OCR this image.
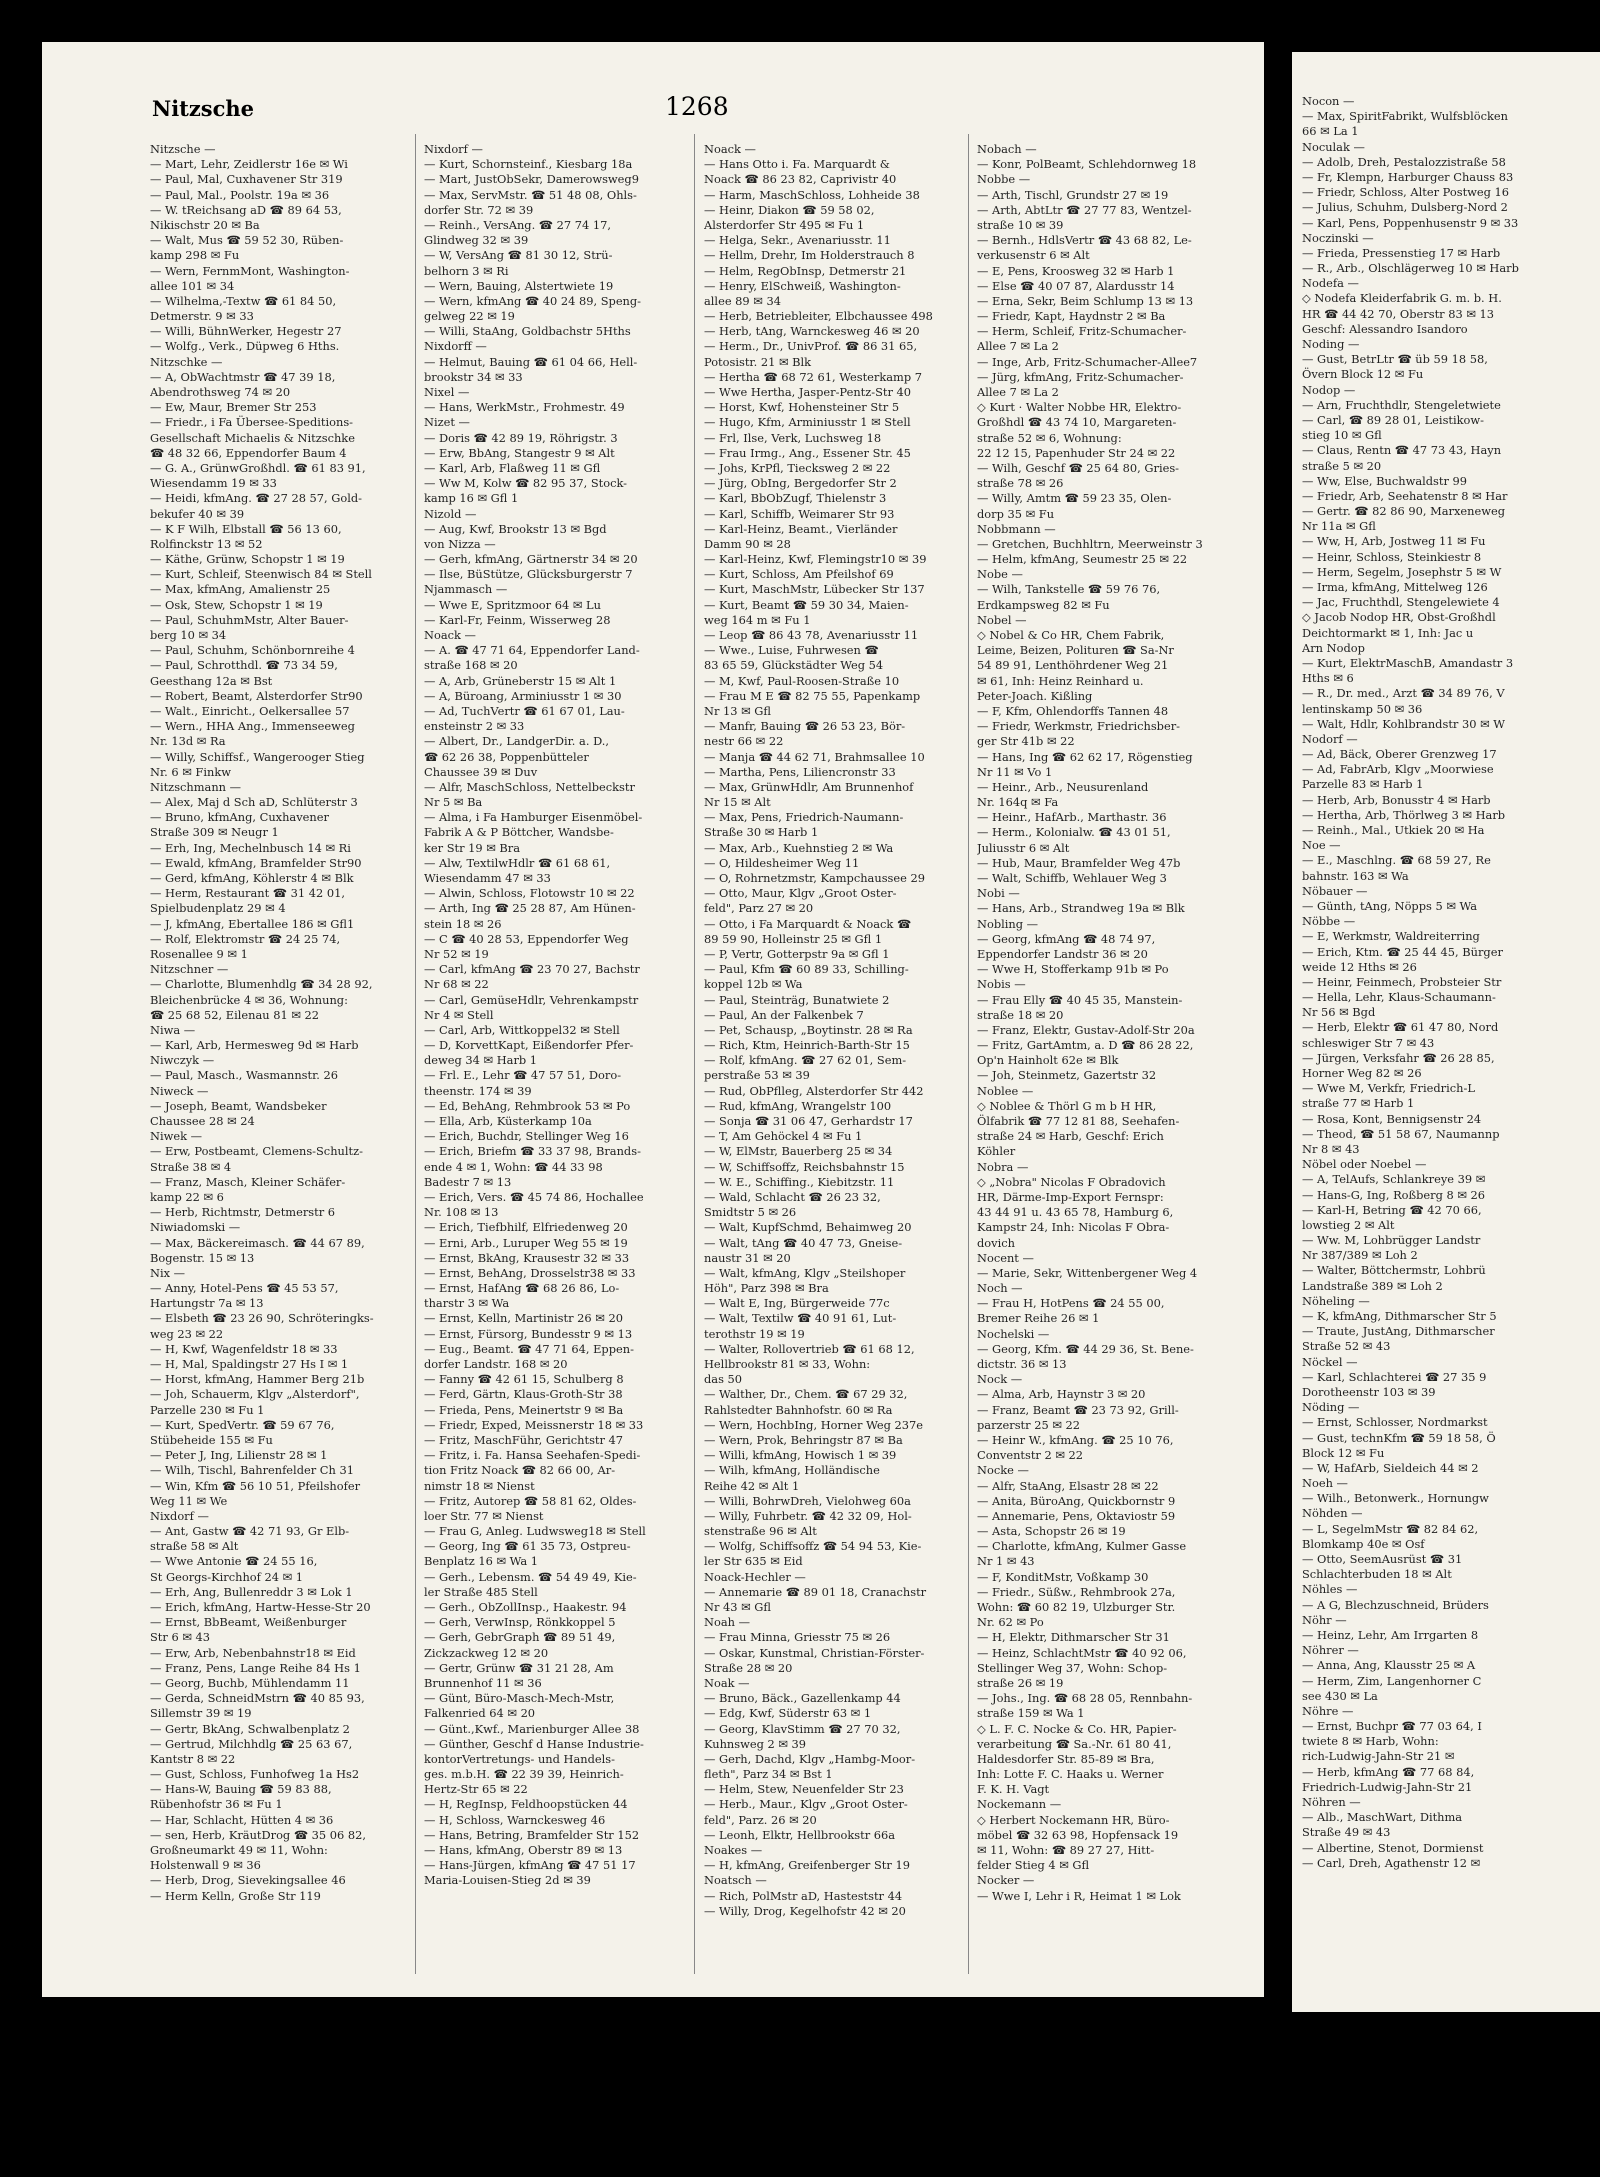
Nitzsche	1268
Nitzsche —
— Mart, Lehr, Zeidlerstr 16e ✉ Wi
— Paul, Mal, Cuxhavener Str 319
— Paul, Mal., Poolstr. 19a ✉ 36
— W. tReichsang aD ☎ 89 64 53,
Nikischstr 20 ✉ Ba
— Walt, Mus ☎ 59 52 30, Rüben-
kamp 298 ✉ Fu
— Wern, FernmMont, Washington-
allee 101 ✉ 34
— Wilhelma,-Textw ☎ 61 84 50,
Detmerstr. 9 ✉ 33
— Willi, BühnWerker, Hegestr 27
— Wolfg., Verk., Düpweg 6 Hths.
Nitzschke —
— A, ObWachtmstr ☎ 47 39 18,
Abendrothsweg 74 ✉ 20
— Ew, Maur, Bremer Str 253
— Friedr., i Fa Übersee-Speditions-
Gesellschaft Michaelis & Nitzschke
☎ 48 32 66, Eppendorfer Baum 4
— G. A., GrünwGroßhdl. ☎ 61 83 91,
Wiesendamm 19 ✉ 33
— Heidi, kfmAng. ☎ 27 28 57, Gold-
bekufer 40 ✉ 39
— K F Wilh, Elbstall ☎ 56 13 60,
Rolfinckstr 13 ✉ 52
— Käthe, Grünw, Schopstr 1 ✉ 19
— Kurt, Schleif, Steenwisch 84 ✉ Stell
— Max, kfmAng, Amalienstr 25
— Osk, Stew, Schopstr 1 ✉ 19
— Paul, SchuhmMstr, Alter Bauer-
berg 10 ✉ 34
— Paul, Schuhm, Schönbornreihe 4
— Paul, Schrotthdl. ☎ 73 34 59,
Geesthang 12a ✉ Bst
— Robert, Beamt, Alsterdorfer Str90
— Walt., Einricht., Oelkersallee 57
— Wern., HHA Ang., Immenseeweg
Nr. 13d ✉ Ra
— Willy, Schiffsf., Wangerooger Stieg
Nr. 6 ✉ Finkw
Nitzschmann —
— Alex, Maj d Sch aD, Schlüterstr 3
— Bruno, kfmAng, Cuxhavener
Straße 309 ✉ Neugr 1
— Erh, Ing, Mechelnbusch 14 ✉ Ri
— Ewald, kfmAng, Bramfelder Str90
— Gerd, kfmAng, Köhlerstr 4 ✉ Blk
— Herm, Restaurant ☎ 31 42 01,
Spielbudenplatz 29 ✉ 4
— J, kfmAng, Ebertallee 186 ✉ Gfl1
— Rolf, Elektromstr ☎ 24 25 74,
Rosenallee 9 ✉ 1
Nitzschner —
— Charlotte, Blumenhdlg ☎ 34 28 92,
Bleichenbrücke 4 ✉ 36, Wohnung:
☎ 25 68 52, Eilenau 81 ✉ 22
Niwa —
— Karl, Arb, Hermesweg 9d ✉ Harb
Niwczyk —
— Paul, Masch., Wasmannstr. 26
Niweck —
— Joseph, Beamt, Wandsbeker
Chaussee 28 ✉ 24
Niwek —
— Erw, Postbeamt, Clemens-Schultz-
Straße 38 ✉ 4
— Franz, Masch, Kleiner Schäfer-
kamp 22 ✉ 6
— Herb, Richtmstr, Detmerstr 6
Niwiadomski —
— Max, Bäckereimasch. ☎ 44 67 89,
Bogenstr. 15 ✉ 13
Nix —
— Anny, Hotel-Pens ☎ 45 53 57,
Hartungstr 7a ✉ 13
— Elsbeth ☎ 23 26 90, Schröteringks-
weg 23 ✉ 22
— H, Kwf, Wagenfeldstr 18 ✉ 33
— H, Mal, Spaldingstr 27 Hs I ✉ 1
— Horst, kfmAng, Hammer Berg 21b
— Joh, Schauerm, Klgv „Alsterdorf",
Parzelle 230 ✉ Fu 1
— Kurt, SpedVertr. ☎ 59 67 76,
Stübeheide 155 ✉ Fu
— Peter J, Ing, Lilienstr 28 ✉ 1
— Wilh, Tischl, Bahrenfelder Ch 31
— Win, Kfm ☎ 56 10 51, Pfeilshofer
Weg 11 ✉ We
Nixdorf —
— Ant, Gastw ☎ 42 71 93, Gr Elb-
straße 58 ✉ Alt
— Wwe Antonie ☎ 24 55 16,
St Georgs-Kirchhof 24 ✉ 1
— Erh, Ang, Bullenreddr 3 ✉ Lok 1
— Erich, kfmAng, Hartw-Hesse-Str 20
— Ernst, BbBeamt, Weißenburger
Str 6 ✉ 43
— Erw, Arb, Nebenbahnstr18 ✉ Eid
— Franz, Pens, Lange Reihe 84 Hs 1
— Georg, Buchb, Mühlendamm 11
— Gerda, SchneidMstrn ☎ 40 85 93,
Sillemstr 39 ✉ 19
— Gertr, BkAng, Schwalbenplatz 2
— Gertrud, Milchhdlg ☎ 25 63 67,
Kantstr 8 ✉ 22
— Gust, Schloss, Funhofweg 1a Hs2
— Hans-W, Bauing ☎ 59 83 88,
Rübenhofstr 36 ✉ Fu 1
— Har, Schlacht, Hütten 4 ✉ 36
— sen, Herb, KräutDrog ☎ 35 06 82,
Großneumarkt 49 ✉ 11, Wohn:
Holstenwall 9 ✉ 36
— Herb, Drog, Sievekingsallee 46
— Herm Kelln, Große Str 119
Nixdorf —
— Kurt, Schornsteinf., Kiesbarg 18a
— Mart, JustObSekr, Damerowsweg9
— Max, ServMstr. ☎ 51 48 08, Ohls-
dorfer Str. 72 ✉ 39
— Reinh., VersAng. ☎ 27 74 17,
Glindweg 32 ✉ 39
— W, VersAng ☎ 81 30 12, Strü-
belhorn 3 ✉ Ri
— Wern, Bauing, Alstertwiete 19
— Wern, kfmAng ☎ 40 24 89, Speng-
gelweg 22 ✉ 19
— Willi, StaAng, Goldbachstr 5Hths
Nixdorff —
— Helmut, Bauing ☎ 61 04 66, Hell-
brookstr 34 ✉ 33
Nixel —
— Hans, WerkMstr., Frohmestr. 49
Nizet —
— Doris ☎ 42 89 19, Röhrigstr. 3
— Erw, BbAng, Stangestr 9 ✉ Alt
— Karl, Arb, Flaßweg 11 ✉ Gfl
— Ww M, Kolw ☎ 82 95 37, Stock-
kamp 16 ✉ Gfl 1
Nizold —
— Aug, Kwf, Brookstr 13 ✉ Bgd
von Nizza —
— Gerh, kfmAng, Gärtnerstr 34 ✉ 20
— Ilse, BüStütze, Glücksburgerstr 7
Njammasch —
— Wwe E, Spritzmoor 64 ✉ Lu
— Karl-Fr, Feinm, Wisserweg 28
Noack —
— A. ☎ 47 71 64, Eppendorfer Land-
straße 168 ✉ 20
— A, Arb, Grüneberstr 15 ✉ Alt 1
— A, Büroang, Arminiusstr 1 ✉ 30
— Ad, TuchVertr ☎ 61 67 01, Lau-
ensteinstr 2 ✉ 33
— Albert, Dr., LandgerDir. a. D.,
☎ 62 26 38, Poppenbütteler
Chaussee 39 ✉ Duv
— Alfr, MaschSchloss, Nettelbeckstr
Nr 5 ✉ Ba
— Alma, i Fa Hamburger Eisenmöbel-
Fabrik A & P Böttcher, Wandsbe-
ker Str 19 ✉ Bra
— Alw, TextilwHdlr ☎ 61 68 61,
Wiesendamm 47 ✉ 33
— Alwin, Schloss, Flotowstr 10 ✉ 22
— Arth, Ing ☎ 25 28 87, Am Hünen-
stein 18 ✉ 26
— C ☎ 40 28 53, Eppendorfer Weg
Nr 52 ✉ 19
— Carl, kfmAng ☎ 23 70 27, Bachstr
Nr 68 ✉ 22
— Carl, GemüseHdlr, Vehrenkampstr
Nr 4 ✉ Stell
— Carl, Arb, Wittkoppel32 ✉ Stell
— D, KorvettKapt, Eißendorfer Pfer-
deweg 34 ✉ Harb 1
— Frl. E., Lehr ☎ 47 57 51, Doro-
theenstr. 174 ✉ 39
— Ed, BehAng, Rehmbrook 53 ✉ Po
— Ella, Arb, Küsterkamp 10a
— Erich, Buchdr, Stellinger Weg 16
— Erich, Briefm ☎ 33 37 98, Brands-
ende 4 ✉ 1, Wohn: ☎ 44 33 98
Badestr 7 ✉ 13
— Erich, Vers. ☎ 45 74 86, Hochallee
Nr. 108 ✉ 13
— Erich, Tiefbhilf, Elfriedenweg 20
— Erni, Arb., Luruper Weg 55 ✉ 19
— Ernst, BkAng, Krausestr 32 ✉ 33
— Ernst, BehAng, Drosselstr38 ✉ 33
— Ernst, HafAng ☎ 68 26 86, Lo-
tharstr 3 ✉ Wa
— Ernst, Kelln, Martinistr 26 ✉ 20
— Ernst, Fürsorg, Bundesstr 9 ✉ 13
— Eug., Beamt. ☎ 47 71 64, Eppen-
dorfer Landstr. 168 ✉ 20
— Fanny ☎ 42 61 15, Schulberg 8
— Ferd, Gärtn, Klaus-Groth-Str 38
— Frieda, Pens, Meinertstr 9 ✉ Ba
— Friedr, Exped, Meissnerstr 18 ✉ 33
— Fritz, MaschFühr, Gerichtstr 47
— Fritz, i. Fa. Hansa Seehafen-Spedi-
tion Fritz Noack ☎ 82 66 00, Ar-
nimstr 18 ✉ Nienst
— Fritz, Autorep ☎ 58 81 62, Oldes-
loer Str. 77 ✉ Nienst
— Frau G, Anleg. Ludwsweg18 ✉ Stell
— Georg, Ing ☎ 61 35 73, Ostpreu-
Benplatz 16 ✉ Wa 1
— Gerh., Lebensm. ☎ 54 49 49, Kie-
ler Straße 485 Stell
— Gerh., ObZollInsp., Haakestr. 94
— Gerh, VerwInsp, Rönkkoppel 5
— Gerh, GebrGraph ☎ 89 51 49,
Zickzackweg 12 ✉ 20
— Gertr, Grünw ☎ 31 21 28, Am
Brunnenhof 11 ✉ 36
— Günt, Büro-Masch-Mech-Mstr,
Falkenried 64 ✉ 20
— Günt.,Kwf., Marienburger Allee 38
— Günther, Geschf d Hanse Industrie-
kontorVertretungs- und Handels-
ges. m.b.H. ☎ 22 39 39, Heinrich-
Hertz-Str 65 ✉ 22
— H, RegInsp, Feldhoopstücken 44
— H, Schloss, Warnckesweg 46
— Hans, Betring, Bramfelder Str 152
— Hans, kfmAng, Oberstr 89 ✉ 13
— Hans-Jürgen, kfmAng ☎ 47 51 17
Maria-Louisen-Stieg 2d ✉ 39
Noack —
— Hans Otto i. Fa. Marquardt &
Noack ☎ 86 23 82, Caprivistr 40
— Harm, MaschSchloss, Lohheide 38
— Heinr, Diakon ☎ 59 58 02,
Alsterdorfer Str 495 ✉ Fu 1
— Helga, Sekr., Avenariusstr. 11
— Hellm, Drehr, Im Holderstrauch 8
— Helm, RegObInsp, Detmerstr 21
— Henry, ElSchweiß, Washington-
allee 89 ✉ 34
— Herb, Betriebleiter, Elbchaussee 498
— Herb, tAng, Warnckesweg 46 ✉ 20
— Herm., Dr., UnivProf. ☎ 86 31 65,
Potosistr. 21 ✉ Blk
— Hertha ☎ 68 72 61, Westerkamp 7
— Wwe Hertha, Jasper-Pentz-Str 40
— Horst, Kwf, Hohensteiner Str 5
— Hugo, Kfm, Arminiusstr 1 ✉ Stell
— Frl, Ilse, Verk, Luchsweg 18
— Frau Irmg., Ang., Essener Str. 45
— Johs, KrPfl, Tiecksweg 2 ✉ 22
— Jürg, ObIng, Bergedorfer Str 2
— Karl, BbObZugf, Thielenstr 3
— Karl, Schiffb, Weimarer Str 93
— Karl-Heinz, Beamt., Vierländer
Damm 90 ✉ 28
— Karl-Heinz, Kwf, Flemingstr10 ✉ 39
— Kurt, Schloss, Am Pfeilshof 69
— Kurt, MaschMstr, Lübecker Str 137
— Kurt, Beamt ☎ 59 30 34, Maien-
weg 164 m ✉ Fu 1
— Leop ☎ 86 43 78, Avenariusstr 11
— Wwe., Luise, Fuhrwesen ☎
83 65 59, Glückstädter Weg 54
— M, Kwf, Paul-Roosen-Straße 10
— Frau M E ☎ 82 75 55, Papenkamp
Nr 13 ✉ Gfl
— Manfr, Bauing ☎ 26 53 23, Bör-
nestr 66 ✉ 22
— Manja ☎ 44 62 71, Brahmsallee 10
— Martha, Pens, Liliencronstr 33
— Max, GrünwHdlr, Am Brunnenhof
Nr 15 ✉ Alt
— Max, Pens, Friedrich-Naumann-
Straße 30 ✉ Harb 1
— Max, Arb., Kuehnstieg 2 ✉ Wa
— O, Hildesheimer Weg 11
— O, Rohrnetzmstr, Kampchaussee 29
— Otto, Maur, Klgv „Groot Oster-
feld", Parz 27 ✉ 20
— Otto, i Fa Marquardt & Noack ☎
89 59 90, Holleinstr 25 ✉ Gfl 1
— P, Vertr, Gotterpstr 9a ✉ Gfl 1
— Paul, Kfm ☎ 60 89 33, Schilling-
koppel 12b ✉ Wa
— Paul, Steinträg, Bunatwiete 2
— Paul, An der Falkenbek 7
— Pet, Schausp, „Boytinstr. 28 ✉ Ra
— Rich, Ktm, Heinrich-Barth-Str 15
— Rolf, kfmAng. ☎ 27 62 01, Sem-
perstraße 53 ✉ 39
— Rud, ObPflleg, Alsterdorfer Str 442
— Rud, kfmAng, Wrangelstr 100
— Sonja ☎ 31 06 47, Gerhardstr 17
— T, Am Gehöckel 4 ✉ Fu 1
— W, ElMstr, Bauerberg 25 ✉ 34
— W, Schiffsoffz, Reichsbahnstr 15
— W. E., Schiffing., Kiebitzstr. 11
— Wald, Schlacht ☎ 26 23 32,
Smidtstr 5 ✉ 26
— Walt, KupfSchmd, Behaimweg 20
— Walt, tAng ☎ 40 47 73, Gneise-
naustr 31 ✉ 20
— Walt, kfmAng, Klgv „Steilshoper
Höh", Parz 398 ✉ Bra
— Walt E, Ing, Bürgerweide 77c
— Walt, Textilw ☎ 40 91 61, Lut-
terothstr 19 ✉ 19
— Walter, Rollovertrieb ☎ 61 68 12,
Hellbrookstr 81 ✉ 33, Wohn:
das 50
— Walther, Dr., Chem. ☎ 67 29 32,
Rahlstedter Bahnhofstr. 60 ✉ Ra
— Wern, HochbIng, Horner Weg 237e
— Wern, Prok, Behringstr 87 ✉ Ba
— Willi, kfmAng, Howisch 1 ✉ 39
— Wilh, kfmAng, Holländische
Reihe 42 ✉ Alt 1
— Willi, BohrwDreh, Vielohweg 60a
— Willy, Fuhrbetr. ☎ 42 32 09, Hol-
stenstraße 96 ✉ Alt
— Wolfg, Schiffsoffz ☎ 54 94 53, Kie-
ler Str 635 ✉ Eid
Noack-Hechler —
— Annemarie ☎ 89 01 18, Cranachstr
Nr 43 ✉ Gfl
Noah —
— Frau Minna, Griesstr 75 ✉ 26
— Oskar, Kunstmal, Christian-Förster-
Straße 28 ✉ 20
Noak —
— Bruno, Bäck., Gazellenkamp 44
— Edg, Kwf, Süderstr 63 ✉ 1
— Georg, KlavStimm ☎ 27 70 32,
Kuhnsweg 2 ✉ 39
— Gerh, Dachd, Klgv „Hambg-Moor-
fleth", Parz 34 ✉ Bst 1
— Helm, Stew, Neuenfelder Str 23
— Herb., Maur., Klgv „Groot Oster-
feld", Parz. 26 ✉ 20
— Leonh, Elktr, Hellbrookstr 66a
Noakes —
— H, kfmAng, Greifenberger Str 19
Noatsch —
— Rich, PolMstr aD, Hasteststr 44
— Willy, Drog, Kegelhofstr 42 ✉ 20
Nobach —
— Konr, PolBeamt, Schlehdornweg 18
Nobbe —
— Arth, Tischl, Grundstr 27 ✉ 19
— Arth, AbtLtr ☎ 27 77 83, Wentzel-
straße 10 ✉ 39
— Bernh., HdlsVertr ☎ 43 68 82, Le-
verkusenstr 6 ✉ Alt
— E, Pens, Kroosweg 32 ✉ Harb 1
— Else ☎ 40 07 87, Alardusstr 14
— Erna, Sekr, Beim Schlump 13 ✉ 13
— Friedr, Kapt, Haydnstr 2 ✉ Ba
— Herm, Schleif, Fritz-Schumacher-
Allee 7 ✉ La 2
— Inge, Arb, Fritz-Schumacher-Allee7
— Jürg, kfmAng, Fritz-Schumacher-
Allee 7 ✉ La 2
◇ Kurt · Walter Nobbe HR, Elektro-
Großhdl ☎ 43 74 10, Margareten-
straße 52 ✉ 6, Wohnung:
22 12 15, Papenhuder Str 24 ✉ 22
— Wilh, Geschf ☎ 25 64 80, Gries-
straße 78 ✉ 26
— Willy, Amtm ☎ 59 23 35, Olen-
dorp 35 ✉ Fu
Nobbmann —
— Gretchen, Buchhltrn, Meerweinstr 3
— Helm, kfmAng, Seumestr 25 ✉ 22
Nobe —
— Wilh, Tankstelle ☎ 59 76 76,
Erdkampsweg 82 ✉ Fu
Nobel —
◇ Nobel & Co HR, Chem Fabrik,
Leime, Beizen, Polituren ☎ Sa-Nr
54 89 91, Lenthöhrdener Weg 21
✉ 61, Inh: Heinz Reinhard u.
Peter-Joach. Kißling
— F, Kfm, Ohlendorffs Tannen 48
— Friedr, Werkmstr, Friedrichsber-
ger Str 41b ✉ 22
— Hans, Ing ☎ 62 62 17, Rögenstieg
Nr 11 ✉ Vo 1
— Heinr., Arb., Neusurenland
Nr. 164q ✉ Fa
— Heinr., HafArb., Marthastr. 36
— Herm., Kolonialw. ☎ 43 01 51,
Juliusstr 6 ✉ Alt
— Hub, Maur, Bramfelder Weg 47b
— Walt, Schiffb, Wehlauer Weg 3
Nobi —
— Hans, Arb., Strandweg 19a ✉ Blk
Nobling —
— Georg, kfmAng ☎ 48 74 97,
Eppendorfer Landstr 36 ✉ 20
— Wwe H, Stofferkamp 91b ✉ Po
Nobis —
— Frau Elly ☎ 40 45 35, Manstein-
straße 18 ✉ 20
— Franz, Elektr, Gustav-Adolf-Str 20a
— Fritz, GartAmtm, a. D ☎ 86 28 22,
Op'n Hainholt 62e ✉ Blk
— Joh, Steinmetz, Gazertstr 32
Noblee —
◇ Noblee & Thörl G m b H HR,
Ölfabrik ☎ 77 12 81 88, Seehafen-
straße 24 ✉ Harb, Geschf: Erich
Köhler
Nobra —
◇ „Nobra" Nicolas F Obradovich
HR, Därme-Imp-Export Fernspr:
43 44 91 u. 43 65 78, Hamburg 6,
Kampstr 24, Inh: Nicolas F Obra-
dovich
Nocent —
— Marie, Sekr, Wittenbergener Weg 4
Noch —
— Frau H, HotPens ☎ 24 55 00,
Bremer Reihe 26 ✉ 1
Nochelski —
— Georg, Kfm. ☎ 44 29 36, St. Bene-
dictstr. 36 ✉ 13
Nock —
— Alma, Arb, Haynstr 3 ✉ 20
— Franz, Beamt ☎ 23 73 92, Grill-
parzerstr 25 ✉ 22
— Heinr W., kfmAng. ☎ 25 10 76,
Conventstr 2 ✉ 22
Nocke —
— Alfr, StaAng, Elsastr 28 ✉ 22
— Anita, BüroAng, Quickbornstr 9
— Annemarie, Pens, Oktaviostr 59
— Asta, Schopstr 26 ✉ 19
— Charlotte, kfmAng, Kulmer Gasse
Nr 1 ✉ 43
— F, KonditMstr, Voßkamp 30
— Friedr., Süßw., Rehmbrook 27a,
Wohn: ☎ 60 82 19, Ulzburger Str.
Nr. 62 ✉ Po
— H, Elektr, Dithmarscher Str 31
— Heinz, SchlachtMstr ☎ 40 92 06,
Stellinger Weg 37, Wohn: Schop-
straße 26 ✉ 19
— Johs., Ing. ☎ 68 28 05, Rennbahn-
straße 159 ✉ Wa 1
◇ L. F. C. Nocke & Co. HR, Papier-
verarbeitung ☎ Sa.-Nr. 61 80 41,
Haldesdorfer Str. 85-89 ✉ Bra,
Inh: Lotte F. C. Haaks u. Werner
F. K. H. Vagt
Nockemann —
◇ Herbert Nockemann HR, Büro-
möbel ☎ 32 63 98, Hopfensack 19
✉ 11, Wohn: ☎ 89 27 27, Hitt-
felder Stieg 4 ✉ Gfl
Nocker —
— Wwe I, Lehr i R, Heimat 1 ✉ Lok
Nocon —
— Max, SpiritFabrikt, Wulfsblöcken
66 ✉ La 1
Noculak —
— Adolb, Dreh, Pestalozzistraße 58
— Fr, Klempn, Harburger Chauss 83
— Friedr, Schloss, Alter Postweg 16
— Julius, Schuhm, Dulsberg-Nord 2
— Karl, Pens, Poppenhusenstr 9 ✉ 33
Noczinski —
— Frieda, Pressenstieg 17 ✉ Harb
— R., Arb., Olschlägerweg 10 ✉ Harb
Nodefa —
◇ Nodefa Kleiderfabrik G. m. b. H.
HR ☎ 44 42 70, Oberstr 83 ✉ 13
Geschf: Alessandro Isandoro
Noding —
— Gust, BetrLtr ☎ üb 59 18 58,
Övern Block 12 ✉ Fu
Nodop —
— Arn, Fruchthdlr, Stengeletwiete
— Carl, ☎ 89 28 01, Leistikow-
stieg 10 ✉ Gfl
— Claus, Rentn ☎ 47 73 43, Hayn
straße 5 ✉ 20
— Ww, Else, Buchwaldstr 99
— Friedr, Arb, Seehatenstr 8 ✉ Har
— Gertr. ☎ 82 86 90, Marxeneweg
Nr 11a ✉ Gfl
— Ww, H, Arb, Jostweg 11 ✉ Fu
— Heinr, Schloss, Steinkiestr 8
— Herm, Segelm, Josephstr 5 ✉ W
— Irma, kfmAng, Mittelweg 126
— Jac, Fruchthdl, Stengelewiete 4
◇ Jacob Nodop HR, Obst-Großhdl
Deichtormarkt ✉ 1, Inh: Jac u
Arn Nodop
— Kurt, ElektrMaschB, Amandastr 3
Hths ✉ 6
— R., Dr. med., Arzt ☎ 34 89 76, V
lentinskamp 50 ✉ 36
— Walt, Hdlr, Kohlbrandstr 30 ✉ W
Nodorf —
— Ad, Bäck, Oberer Grenzweg 17
— Ad, FabrArb, Klgv „Moorwiese
Parzelle 83 ✉ Harb 1
— Herb, Arb, Bonusstr 4 ✉ Harb
— Hertha, Arb, Thörlweg 3 ✉ Harb
— Reinh., Mal., Utkiek 20 ✉ Ha
Noe —
— E., Maschlng. ☎ 68 59 27, Re
bahnstr. 163 ✉ Wa
Nöbauer —
— Günth, tAng, Nöpps 5 ✉ Wa
Nöbbe —
— E, Werkmstr, Waldreiterring
— Erich, Ktm. ☎ 25 44 45, Bürger
weide 12 Hths ✉ 26
— Heinr, Feinmech, Probsteier Str
— Hella, Lehr, Klaus-Schaumann-
Nr 56 ✉ Bgd
— Herb, Elektr ☎ 61 47 80, Nord
schleswiger Str 7 ✉ 43
— Jürgen, Verksfahr ☎ 26 28 85,
Horner Weg 82 ✉ 26
— Wwe M, Verkfr, Friedrich-L
straße 77 ✉ Harb 1
— Rosa, Kont, Bennigsenstr 24
— Theod, ☎ 51 58 67, Naumannp
Nr 8 ✉ 43
Nöbel oder Noebel —
— A, TelAufs, Schlankreye 39 ✉
— Hans-G, Ing, Roßberg 8 ✉ 26
— Karl-H, Betring ☎ 42 70 66,
lowstieg 2 ✉ Alt
— Ww. M, Lohbrügger Landstr
Nr 387/389 ✉ Loh 2
— Walter, Böttchermstr, Lohbrü
Landstraße 389 ✉ Loh 2
Nöheling —
— K, kfmAng, Dithmarscher Str 5
— Traute, JustAng, Dithmarscher
Straße 52 ✉ 43
Nöckel —
— Karl, Schlachterei ☎ 27 35 9
Dorotheenstr 103 ✉ 39
Nöding —
— Ernst, Schlosser, Nordmarkst
— Gust, technKfm ☎ 59 18 58, Ö
Block 12 ✉ Fu
— W, HafArb, Sieldeich 44 ✉ 2
Noeh —
— Wilh., Betonwerk., Hornungw
Nöhden —
— L, SegelmMstr ☎ 82 84 62,
Blomkamp 40e ✉ Osf
— Otto, SeemAusrüst ☎ 31
Schlachterbuden 18 ✉ Alt
Nöhles —
— A G, Blechzuschneid, Brüders
Nöhr —
— Heinz, Lehr, Am Irrgarten 8
Nöhrer —
— Anna, Ang, Klausstr 25 ✉ A
— Herm, Zim, Langenhorner C
see 430 ✉ La
Nöhre —
— Ernst, Buchpr ☎ 77 03 64, I
twiete 8 ✉ Harb, Wohn:
rich-Ludwig-Jahn-Str 21 ✉
— Herb, kfmAng ☎ 77 68 84,
Friedrich-Ludwig-Jahn-Str 21
Nöhren —
— Alb., MaschWart, Dithma
Straße 49 ✉ 43
— Albertine, Stenot, Dormienst
— Carl, Dreh, Agathenstr 12 ✉
